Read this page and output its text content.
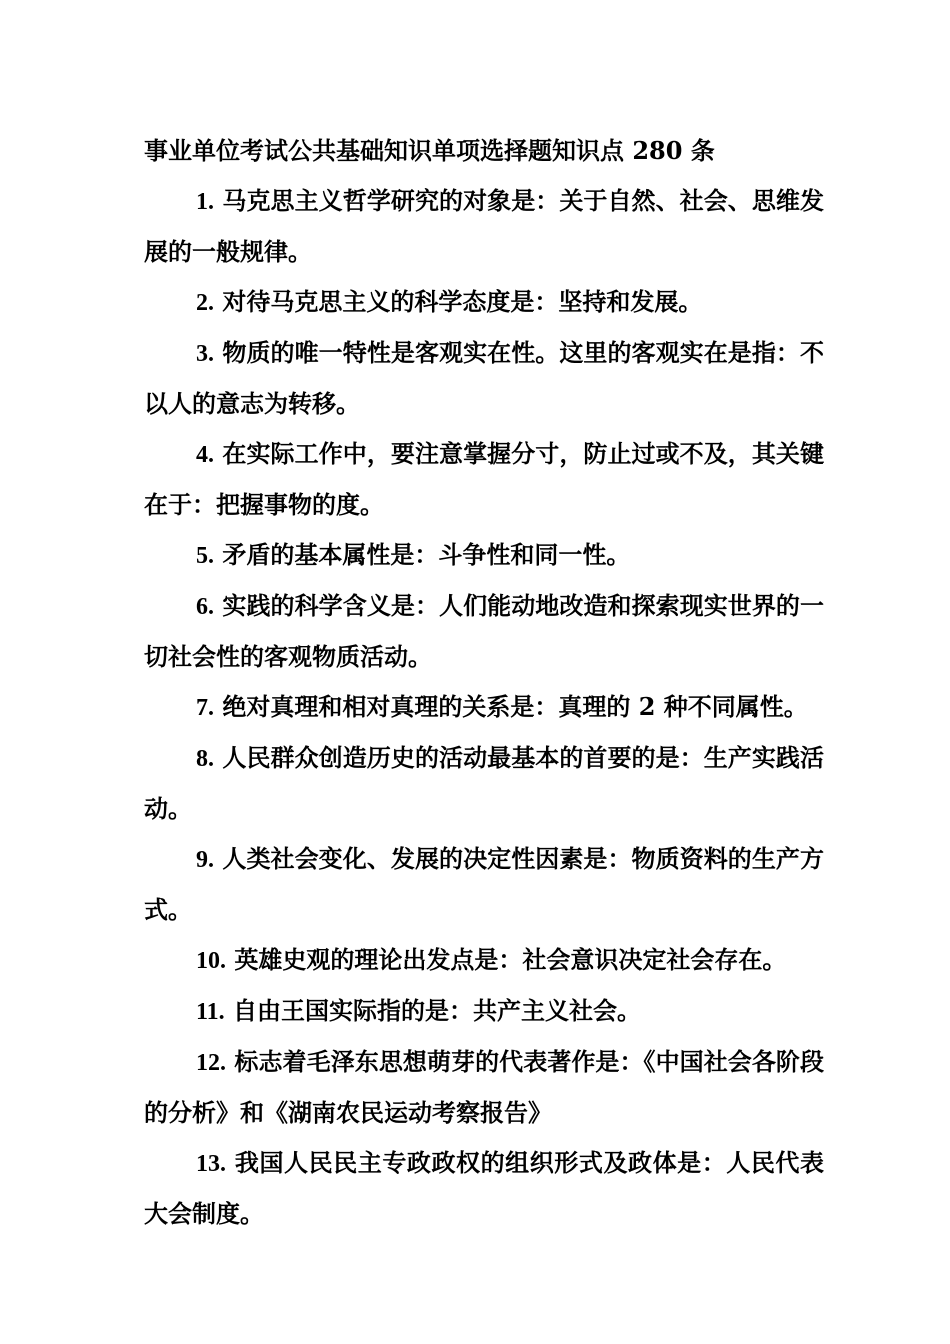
事业单位考试公共基础知识单项选择题知识点 280 条

1. 马克思主义哲学研究的对象是：关于自然、社会、思维发展的一般规律。

2. 对待马克思主义的科学态度是：坚持和发展。

3. 物质的唯一特性是客观实在性。这里的客观实在是指：不以人的意志为转移。

4. 在实际工作中，要注意掌握分寸，防止过或不及，其关键在于：把握事物的度。

5. 矛盾的基本属性是：斗争性和同一性。

6. 实践的科学含义是：人们能动地改造和探索现实世界的一切社会性的客观物质活动。

7. 绝对真理和相对真理的关系是：真理的 2 种不同属性。

8. 人民群众创造历史的活动最基本的首要的是：生产实践活动。

9. 人类社会变化、发展的决定性因素是：物质资料的生产方式。

10. 英雄史观的理论出发点是：社会意识决定社会存在。

11. 自由王国实际指的是：共产主义社会。

12. 标志着毛泽东思想萌芽的代表著作是：《中国社会各阶段的分析》和《湖南农民运动考察报告》

13. 我国人民民主专政政权的组织形式及政体是：人民代表大会制度。
